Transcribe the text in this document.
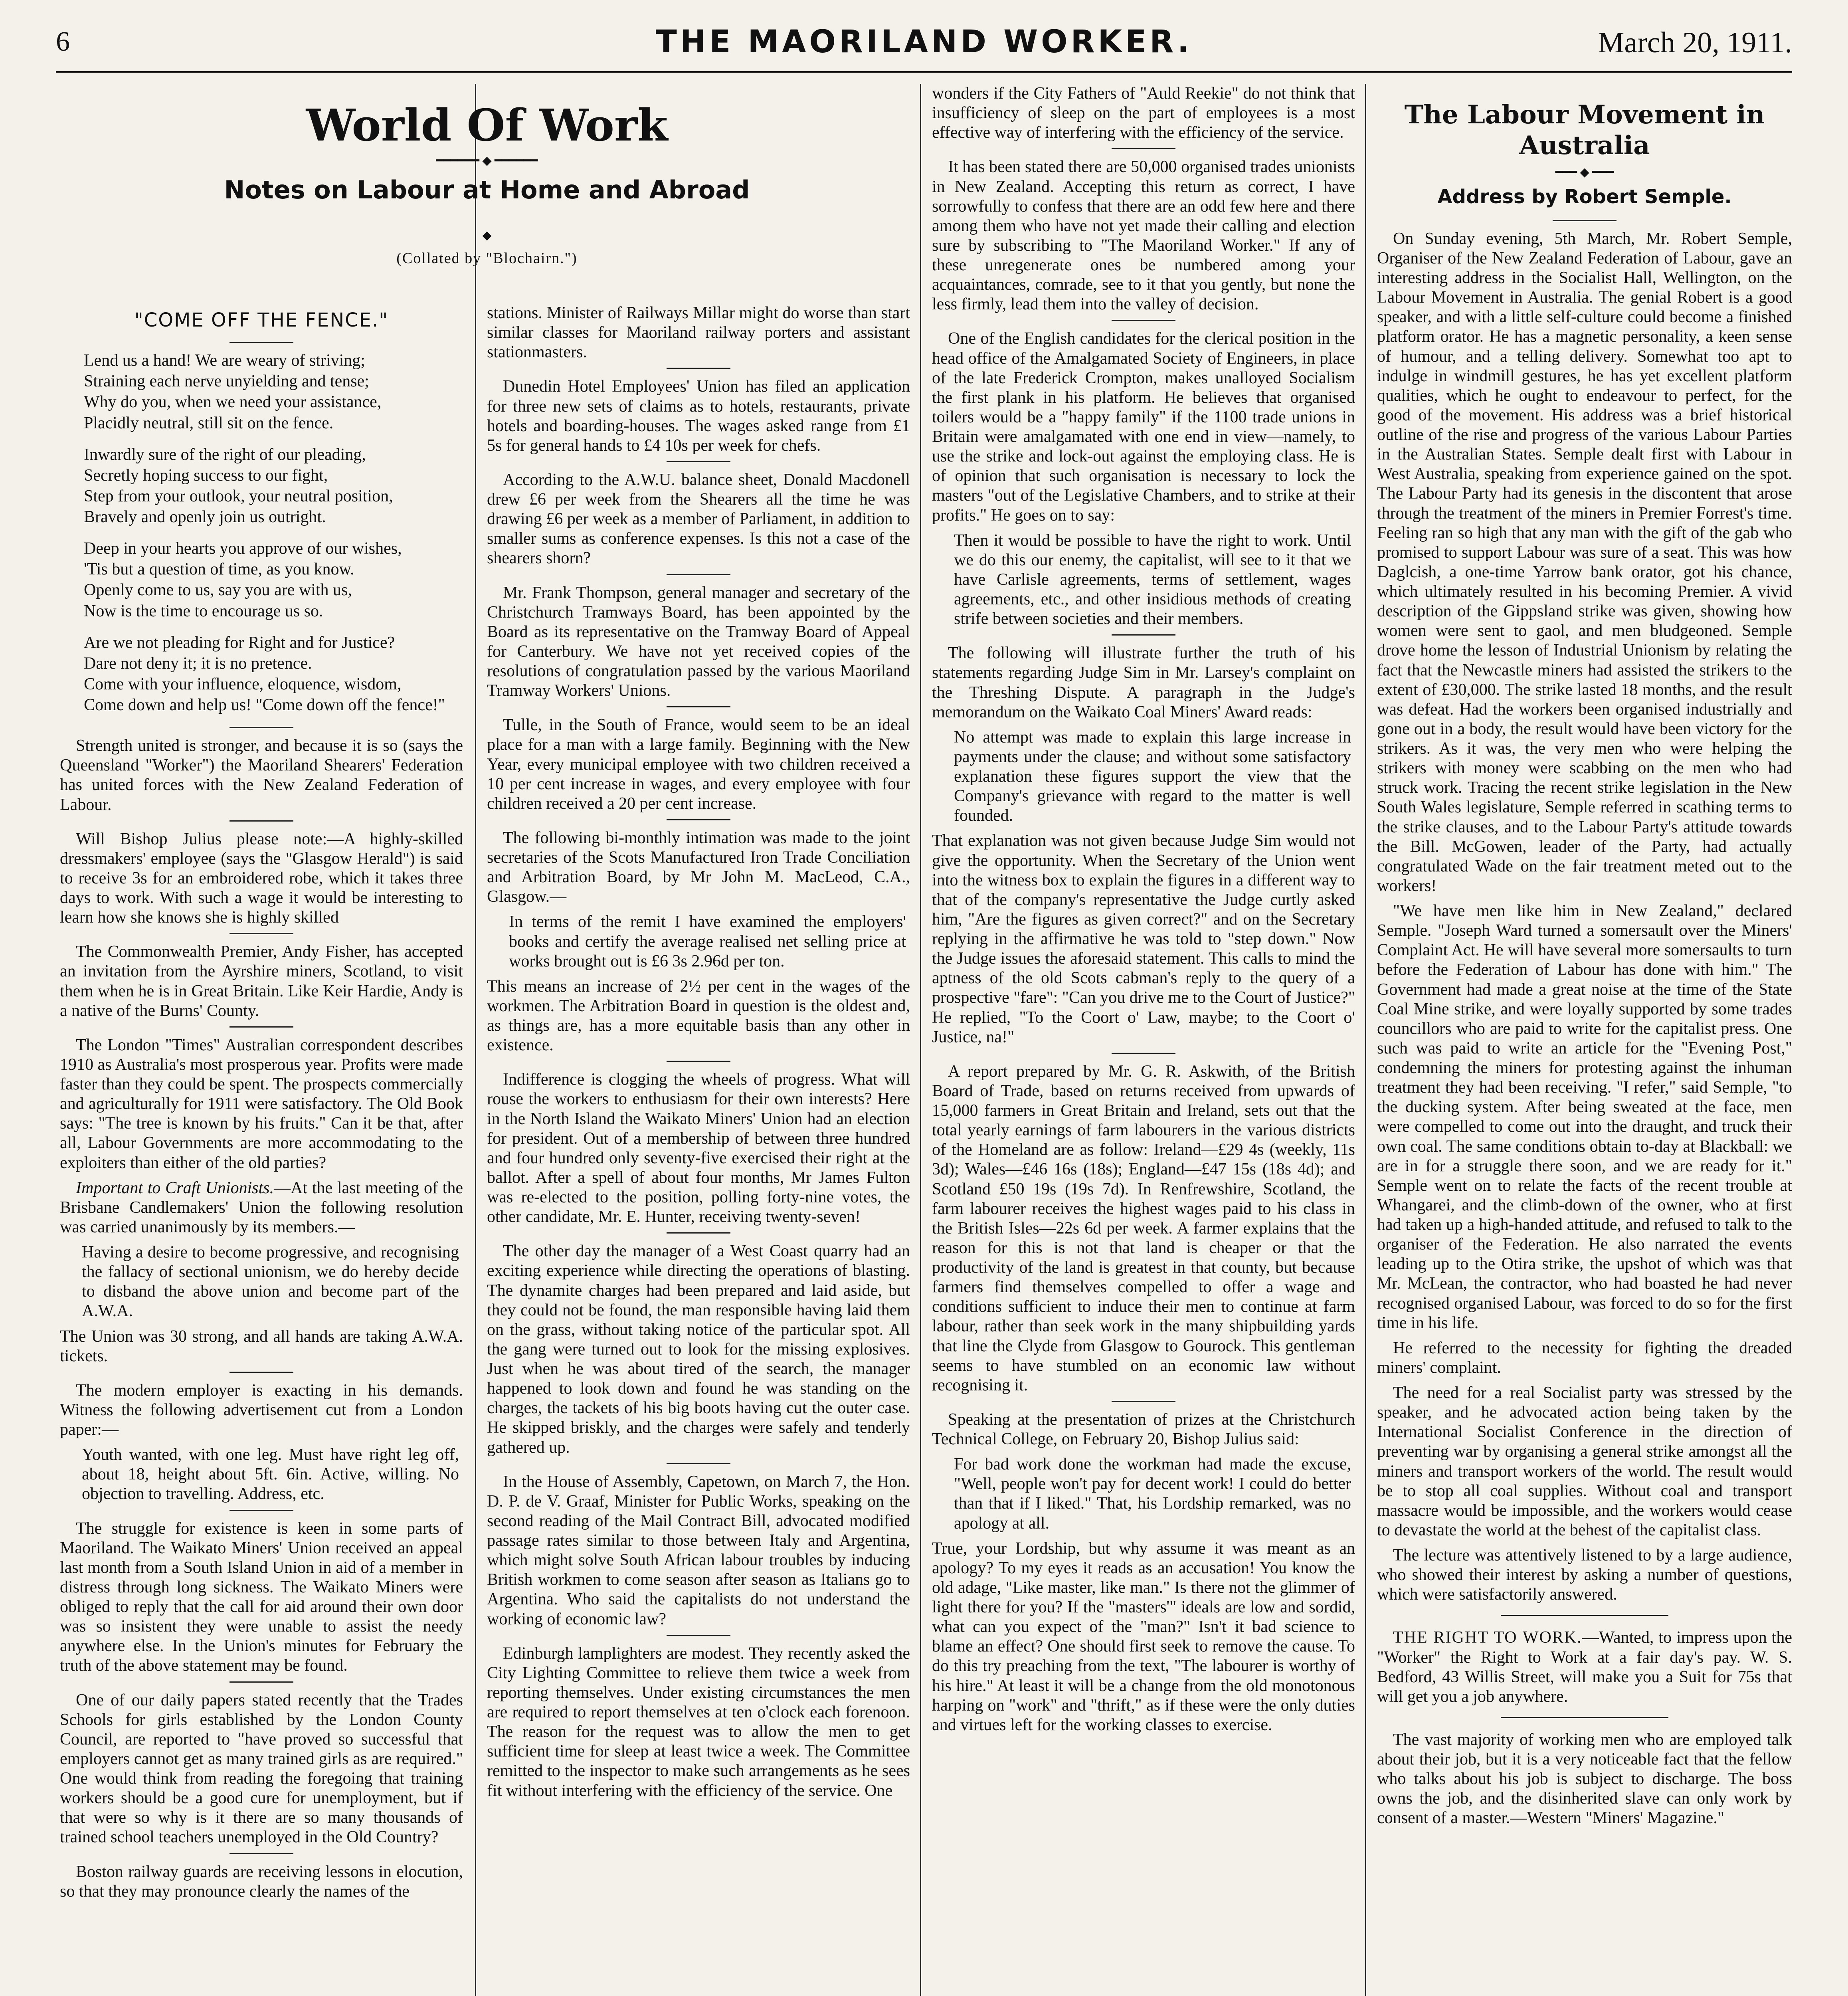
6	THE MAORILAND WORKER.	March 20, 1911.
World Of Work
━━━━━━ ◆ ━━━━━━
Notes on Labour at Home and Abroad
◆
(Collated by "Blochairn.")
"COME OFF THE FENCE."

Lend us a hand! We are weary of striving;

Straining each nerve unyielding and tense;

Why do you, when we need your assistance,

Placidly neutral, still sit on the fence.

Inwardly sure of the right of our pleading,

Secretly hoping success to our fight,

Step from your outlook, your neutral position,

Bravely and openly join us outright.

Deep in your hearts you approve of our wishes,

'Tis but a question of time, as you know.

Openly come to us, say you are with us,

Now is the time to encourage us so.

Are we not pleading for Right and for Justice?

Dare not deny it; it is no pretence.

Come with your influence, eloquence, wisdom,

Come down and help us! "Come down off the fence!"

Strength united is stronger, and because it is so (says the Queensland "Worker") the Maoriland Shearers' Federation has united forces with the New Zealand Federation of Labour.

Will Bishop Julius please note:—A highly-skilled dressmakers' employee (says the "Glasgow Herald") is said to receive 3s for an embroidered robe, which it takes three days to work. With such a wage it would be interesting to learn how she knows she is highly skilled

The Commonwealth Premier, Andy Fisher, has accepted an invitation from the Ayrshire miners, Scotland, to visit them when he is in Great Britain. Like Keir Hardie, Andy is a native of the Burns' County.

The London "Times" Australian correspondent describes 1910 as Australia's most prosperous year. Profits were made faster than they could be spent. The prospects commercially and agriculturally for 1911 were satisfactory. The Old Book says: "The tree is known by his fruits." Can it be that, after all, Labour Governments are more accommodating to the exploiters than either of the old parties?

Important to Craft Unionists.—At the last meeting of the Brisbane Candlemakers' Union the following resolution was carried unanimously by its members.—

Having a desire to become progressive, and recognising the fallacy of sectional unionism, we do hereby decide to disband the above union and become part of the A.W.A.

The Union was 30 strong, and all hands are taking A.W.A. tickets.

The modern employer is exacting in his demands. Witness the following advertisement cut from a London paper:—

Youth wanted, with one leg. Must have right leg off, about 18, height about 5ft. 6in. Active, willing. No objection to travelling. Address, etc.

The struggle for existence is keen in some parts of Maoriland. The Waikato Miners' Union received an appeal last month from a South Island Union in aid of a member in distress through long sickness. The Waikato Miners were obliged to reply that the call for aid around their own door was so insistent they were unable to assist the needy anywhere else. In the Union's minutes for February the truth of the above statement may be found.

One of our daily papers stated recently that the Trades Schools for girls established by the London County Council, are reported to "have proved so successful that employers cannot get as many trained girls as are required." One would think from reading the foregoing that training workers should be a good cure for unemployment, but if that were so why is it there are so many thousands of trained school teachers unemployed in the Old Country?

Boston railway guards are receiving lessons in elocution, so that they may pronounce clearly the names of the

stations. Minister of Railways Millar might do worse than start similar classes for Maoriland railway porters and assistant stationmasters.

Dunedin Hotel Employees' Union has filed an application for three new sets of claims as to hotels, restaurants, private hotels and boarding-houses. The wages asked range from £1 5s for general hands to £4 10s per week for chefs.

According to the A.W.U. balance sheet, Donald Macdonell drew £6 per week from the Shearers all the time he was drawing £6 per week as a member of Parliament, in addition to smaller sums as conference expenses. Is this not a case of the shearers shorn?

Mr. Frank Thompson, general manager and secretary of the Christchurch Tramways Board, has been appointed by the Board as its representative on the Tramway Board of Appeal for Canterbury. We have not yet received copies of the resolutions of congratulation passed by the various Maoriland Tramway Workers' Unions.

Tulle, in the South of France, would seem to be an ideal place for a man with a large family. Beginning with the New Year, every municipal employee with two children received a 10 per cent increase in wages, and every employee with four children received a 20 per cent increase.

The following bi-monthly intimation was made to the joint secretaries of the Scots Manufactured Iron Trade Conciliation and Arbitration Board, by Mr John M. MacLeod, C.A., Glasgow.—

In terms of the remit I have examined the employers' books and certify the average realised net selling price at works brought out is £6 3s 2.96d per ton.

This means an increase of 2½ per cent in the wages of the workmen. The Arbitration Board in question is the oldest and, as things are, has a more equitable basis than any other in existence.

Indifference is clogging the wheels of progress. What will rouse the workers to enthusiasm for their own interests? Here in the North Island the Waikato Miners' Union had an election for president. Out of a membership of between three hundred and four hundred only seventy-five exercised their right at the ballot. After a spell of about four months, Mr James Fulton was re-elected to the position, polling forty-nine votes, the other candidate, Mr. E. Hunter, receiving twenty-seven!

The other day the manager of a West Coast quarry had an exciting experience while directing the operations of blasting. The dynamite charges had been prepared and laid aside, but they could not be found, the man responsible having laid them on the grass, without taking notice of the particular spot. All the gang were turned out to look for the missing explosives. Just when he was about tired of the search, the manager happened to look down and found he was standing on the charges, the tackets of his big boots having cut the outer case. He skipped briskly, and the charges were safely and tenderly gathered up.

In the House of Assembly, Capetown, on March 7, the Hon. D. P. de V. Graaf, Minister for Public Works, speaking on the second reading of the Mail Contract Bill, advocated modified passage rates similar to those between Italy and Argentina, which might solve South African labour troubles by inducing British workmen to come season after season as Italians go to Argentina. Who said the capitalists do not understand the working of economic law?

Edinburgh lamplighters are modest. They recently asked the City Lighting Committee to relieve them twice a week from reporting themselves. Under existing circumstances the men are required to report themselves at ten o'clock each forenoon. The reason for the request was to allow the men to get sufficient time for sleep at least twice a week. The Committee remitted to the inspector to make such arrangements as he sees fit without interfering with the efficiency of the service. One

wonders if the City Fathers of "Auld Reekie" do not think that insufficiency of sleep on the part of employees is a most effective way of interfering with the efficiency of the service.

It has been stated there are 50,000 organised trades unionists in New Zealand. Accepting this return as correct, I have sorrowfully to confess that there are an odd few here and there among them who have not yet made their calling and election sure by subscribing to "The Maoriland Worker." If any of these unregenerate ones be numbered among your acquaintances, comrade, see to it that you gently, but none the less firmly, lead them into the valley of decision.

One of the English candidates for the clerical position in the head office of the Amalgamated Society of Engineers, in place of the late Frederick Crompton, makes unalloyed Socialism the first plank in his platform. He believes that organised toilers would be a "happy family" if the 1100 trade unions in Britain were amalgamated with one end in view—namely, to use the strike and lock-out against the employing class. He is of opinion that such organisation is necessary to lock the masters "out of the Legislative Chambers, and to strike at their profits." He goes on to say:

Then it would be possible to have the right to work. Until we do this our enemy, the capitalist, will see to it that we have Carlisle agreements, terms of settlement, wages agreements, etc., and other insidious methods of creating strife between societies and their members.

The following will illustrate further the truth of his statements regarding Judge Sim in Mr. Larsey's complaint on the Threshing Dispute. A paragraph in the Judge's memorandum on the Waikato Coal Miners' Award reads:

No attempt was made to explain this large increase in payments under the clause; and without some satisfactory explanation these figures support the view that the Company's grievance with regard to the matter is well founded.

That explanation was not given because Judge Sim would not give the opportunity. When the Secretary of the Union went into the witness box to explain the figures in a different way to that of the company's representative the Judge curtly asked him, "Are the figures as given correct?" and on the Secretary replying in the affirmative he was told to "step down." Now the Judge issues the aforesaid statement. This calls to mind the aptness of the old Scots cabman's reply to the query of a prospective "fare": "Can you drive me to the Court of Justice?" He replied, "To the Coort o' Law, maybe; to the Coort o' Justice, na!"

A report prepared by Mr. G. R. Askwith, of the British Board of Trade, based on returns received from upwards of 15,000 farmers in Great Britain and Ireland, sets out that the total yearly earnings of farm labourers in the various districts of the Homeland are as follow: Ireland—£29 4s (weekly, 11s 3d); Wales—£46 16s (18s); England—£47 15s (18s 4d); and Scotland £50 19s (19s 7d). In Renfrewshire, Scotland, the farm labourer receives the highest wages paid to his class in the British Isles—22s 6d per week. A farmer explains that the reason for this is not that land is cheaper or that the productivity of the land is greatest in that county, but because farmers find themselves compelled to offer a wage and conditions sufficient to induce their men to continue at farm labour, rather than seek work in the many shipbuilding yards that line the Clyde from Glasgow to Gourock. This gentleman seems to have stumbled on an economic law without recognising it.

Speaking at the presentation of prizes at the Christchurch Technical College, on February 20, Bishop Julius said:

For bad work done the workman had made the excuse, "Well, people won't pay for decent work! I could do better than that if I liked." That, his Lordship remarked, was no apology at all.

True, your Lordship, but why assume it was meant as an apology? To my eyes it reads as an accusation! You know the old adage, "Like master, like man." Is there not the glimmer of light there for you? If the "masters'" ideals are low and sordid, what can you expect of the "man?" Isn't it bad science to blame an effect? One should first seek to remove the cause. To do this try preaching from the text, "The labourer is worthy of his hire." At least it will be a change from the old monotonous harping on "work" and "thrift," as if these were the only duties and virtues left for the working classes to exercise.

The Labour Movement in Australia
━━━ ◆ ━━━
Address by Robert Semple.

On Sunday evening, 5th March, Mr. Robert Semple, Organiser of the New Zealand Federation of Labour, gave an interesting address in the Socialist Hall, Wellington, on the Labour Movement in Australia. The genial Robert is a good speaker, and with a little self-culture could become a finished platform orator. He has a magnetic personality, a keen sense of humour, and a telling delivery. Somewhat too apt to indulge in windmill gestures, he has yet excellent platform qualities, which he ought to endeavour to perfect, for the good of the movement. His address was a brief historical outline of the rise and progress of the various Labour Parties in the Australian States. Semple dealt first with Labour in West Australia, speaking from experience gained on the spot. The Labour Party had its genesis in the discontent that arose through the treatment of the miners in Premier Forrest's time. Feeling ran so high that any man with the gift of the gab who promised to support Labour was sure of a seat. This was how Daglcish, a one-time Yarrow bank orator, got his chance, which ultimately resulted in his becoming Premier. A vivid description of the Gippsland strike was given, showing how women were sent to gaol, and men bludgeoned. Semple drove home the lesson of Industrial Unionism by relating the fact that the Newcastle miners had assisted the strikers to the extent of £30,000. The strike lasted 18 months, and the result was defeat. Had the workers been organised industrially and gone out in a body, the result would have been victory for the strikers. As it was, the very men who were helping the strikers with money were scabbing on the men who had struck work. Tracing the recent strike legislation in the New South Wales legislature, Semple referred in scathing terms to the strike clauses, and to the Labour Party's attitude towards the Bill. McGowen, leader of the Party, had actually congratulated Wade on the fair treatment meted out to the workers!

"We have men like him in New Zealand," declared Semple. "Joseph Ward turned a somersault over the Miners' Complaint Act. He will have several more somersaults to turn before the Federation of Labour has done with him." The Government had made a great noise at the time of the State Coal Mine strike, and were loyally supported by some trades councillors who are paid to write for the capitalist press. One such was paid to write an article for the "Evening Post," condemning the miners for protesting against the inhuman treatment they had been receiving. "I refer," said Semple, "to the ducking system. After being sweated at the face, men were compelled to come out into the draught, and truck their own coal. The same conditions obtain to-day at Blackball: we are in for a struggle there soon, and we are ready for it." Semple went on to relate the facts of the recent trouble at Whangarei, and the climb-down of the owner, who at first had taken up a high-handed attitude, and refused to talk to the organiser of the Federation. He also narrated the events leading up to the Otira strike, the upshot of which was that Mr. McLean, the contractor, who had boasted he had never recognised organised Labour, was forced to do so for the first time in his life.

He referred to the necessity for fighting the dreaded miners' complaint.

The need for a real Socialist party was stressed by the speaker, and he advocated action being taken by the International Socialist Conference in the direction of preventing war by organising a general strike amongst all the miners and transport workers of the world. The result would be to stop all coal supplies. Without coal and transport massacre would be impossible, and the workers would cease to devastate the world at the behest of the capitalist class.

The lecture was attentively listened to by a large audience, who showed their interest by asking a number of questions, which were satisfactorily answered.

THE RIGHT TO WORK.—Wanted, to impress upon the "Worker" the Right to Work at a fair day's pay. W. S. Bedford, 43 Willis Street, will make you a Suit for 75s that will get you a job anywhere.

The vast majority of working men who are employed talk about their job, but it is a very noticeable fact that the fellow who talks about his job is subject to discharge. The boss owns the job, and the disinherited slave can only work by consent of a master.—Western "Miners' Magazine."
